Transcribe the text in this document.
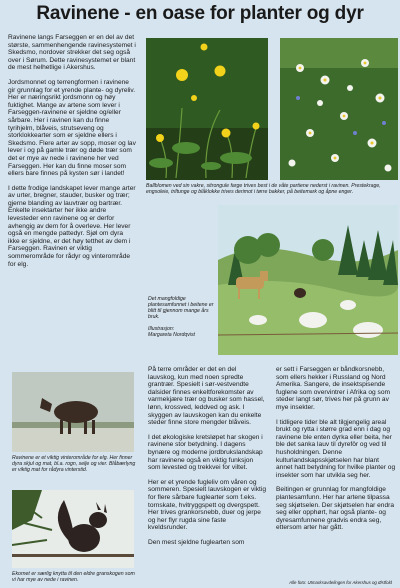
Ravinene - en oase for planter og dyr

Ravinene langs Farseggen er en del av det største, sammenhengende ravinesystemet i Skedsmo, nordover strekker det seg også over i Sørum. Dette ravinesystemet er blant de mest helhetlige i Akershus.

Jordsmonnet og terrengformen i ravinene gir grunnlag for et yrende plante- og dyreliv. Her er næringsrikt jordsmonn og høy fuktighet. Mange av artene som lever i Farseggen-ravinene er sjeldne og/eller sårbare. Her i ravinen kan du finne tyrihjelm, blåveis, strutseveng og storklokkearter som er sjeldne ellers i Skedsmo. Flere arter av sopp, moser og lav lever i og på gamle trær og døde trær som det er mye av nede i ravinene her ved Farseggen. Her kan du finne moser som ellers bare finnes på kysten sør i landet!

I dette frodige landskapet lever mange arter av urter, bregner, stauder, busker og trær; gjerne blanding av lauvtrær og bartrær. Enkelte insektarter her ikke andre levesteder enn ravinene og er derfor avhengig av dem for å overleve. Her lever også en mengde pattedyr. Sjøl om dyra ikke er sjeldne, er det høy tetthet av dem i Farseggen. Ravinen er viktig sommerområde for rådyr og vinterområde for elg.

Ballblomen ved sin vakre, sitrongule farge trives best i de våte partiene nederst i ravinen. Prestekrage, engsoleie, triltunge og blåklokke trives derimot i tørre bakker, på beitemark og åpne enger.
Det mangfoldige plantesamfunnet i beitene er blitt til gjennom mange års bruk.
Illustrasjon:
Margareta Nordqvist
Ravinene er et viktig vinterområde for elg. Her finner dyra skjul og mat, bl.a. rogn, selje og vier. Blåbærlyng er viktig mat for rådyra vinterstid.
Ekornet er særlig knytta til den eldre granskogen som vi har mye av nede i ravinen.

På terre områder er det en del lauvskog, kun med noen spredte grantrær. Spesielt i sør-vestvendte dalsider finnes enkeltforekomster av varmekjære trær og busker som hassel, lønn, krossved, leddved og ask. I skyggen av lauvskogen kan du enkelte steder finne store mengder blåveis.

I det økologiske kretsløpet har skogen i ravinene stor betydning. I dagens bynære og moderne jordbrukslandskap har ravinene også en viktig funksjon som levested og trekkvei for viltet.

Her er et yrende fugleliv om våren og sommeren. Spesielt lauvskogen er viktig for flere sårbare fuglearter som f.eks. tornskate, hvitryggspett og dvergspett. Her trives grankorsnebb, duer og jerpe og her flyr rugda sine faste kveldsrunder.

Den mest sjeldne fuglearten som

er sett i Farseggen er båndkorsnebb, som ellers hekker i Russland og Nord Amerika. Sangere, de insektspisende fuglene som overvintrer i Afrika og som steder langt sør, trives her på grunn av mye insekter.

I tidligere tider ble alt tilgjengelig areal brukt og rytta i større grad enn i dag og ravinene ble enten dyrka eller beita, her ble det sanka lauv til dyrefôr og ved til husholdningen. Denne kulturlandskapsskjøtselen har blant annet hatt betydning for hvilke planter og insekter som har utvikla seg her.

Beitingen er grunnlag for mangfoldige plantesamfunn. Her har artene tilpassa seg skjøtselen. Der skjøtselen har endra seg eller opphørt, har også plante- og dyresamfunnene gradvis endra seg, ettersom arter har gått.

Alle foto: Utmarksavdelingen for Akershus og Østfold
